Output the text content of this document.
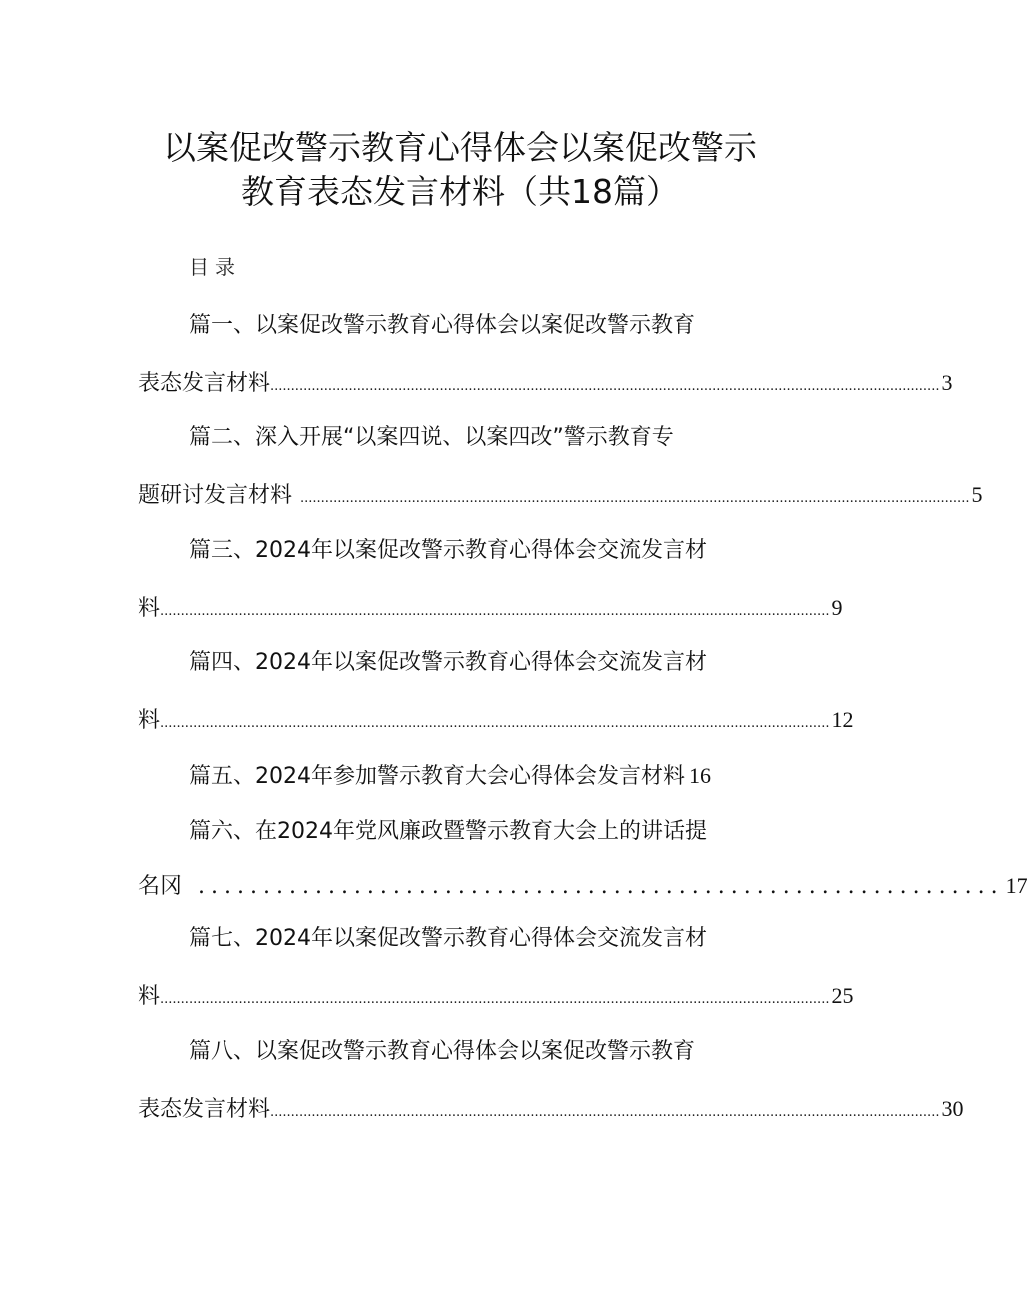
以案促改警示教育心得体会以案促改警示
教育表态发言材料（共18篇）
目录
篇一、以案促改警示教育心得体会以案促改警示教育
表态发言材料 .................................................................................................................................................................. 3
篇二、深入开展“以案四说、以案四改”警示教育专
题研讨发言材料 .................................................................................................................................................................. 5
篇三、2024年以案促改警示教育心得体会交流发言材
料 .................................................................................................................................................................. 9
篇四、2024年以案促改警示教育心得体会交流发言材
料 .................................................................................................................................................................. 12
篇五、2024年参加警示教育大会心得体会发言材料 16
篇六、在2024年党风廉政暨警示教育大会上的讲话提
名冈 .............................................................. 17
篇七、2024年以案促改警示教育心得体会交流发言材
料 .................................................................................................................................................................. 25
篇八、以案促改警示教育心得体会以案促改警示教育
表态发言材料 .................................................................................................................................................................. 30
